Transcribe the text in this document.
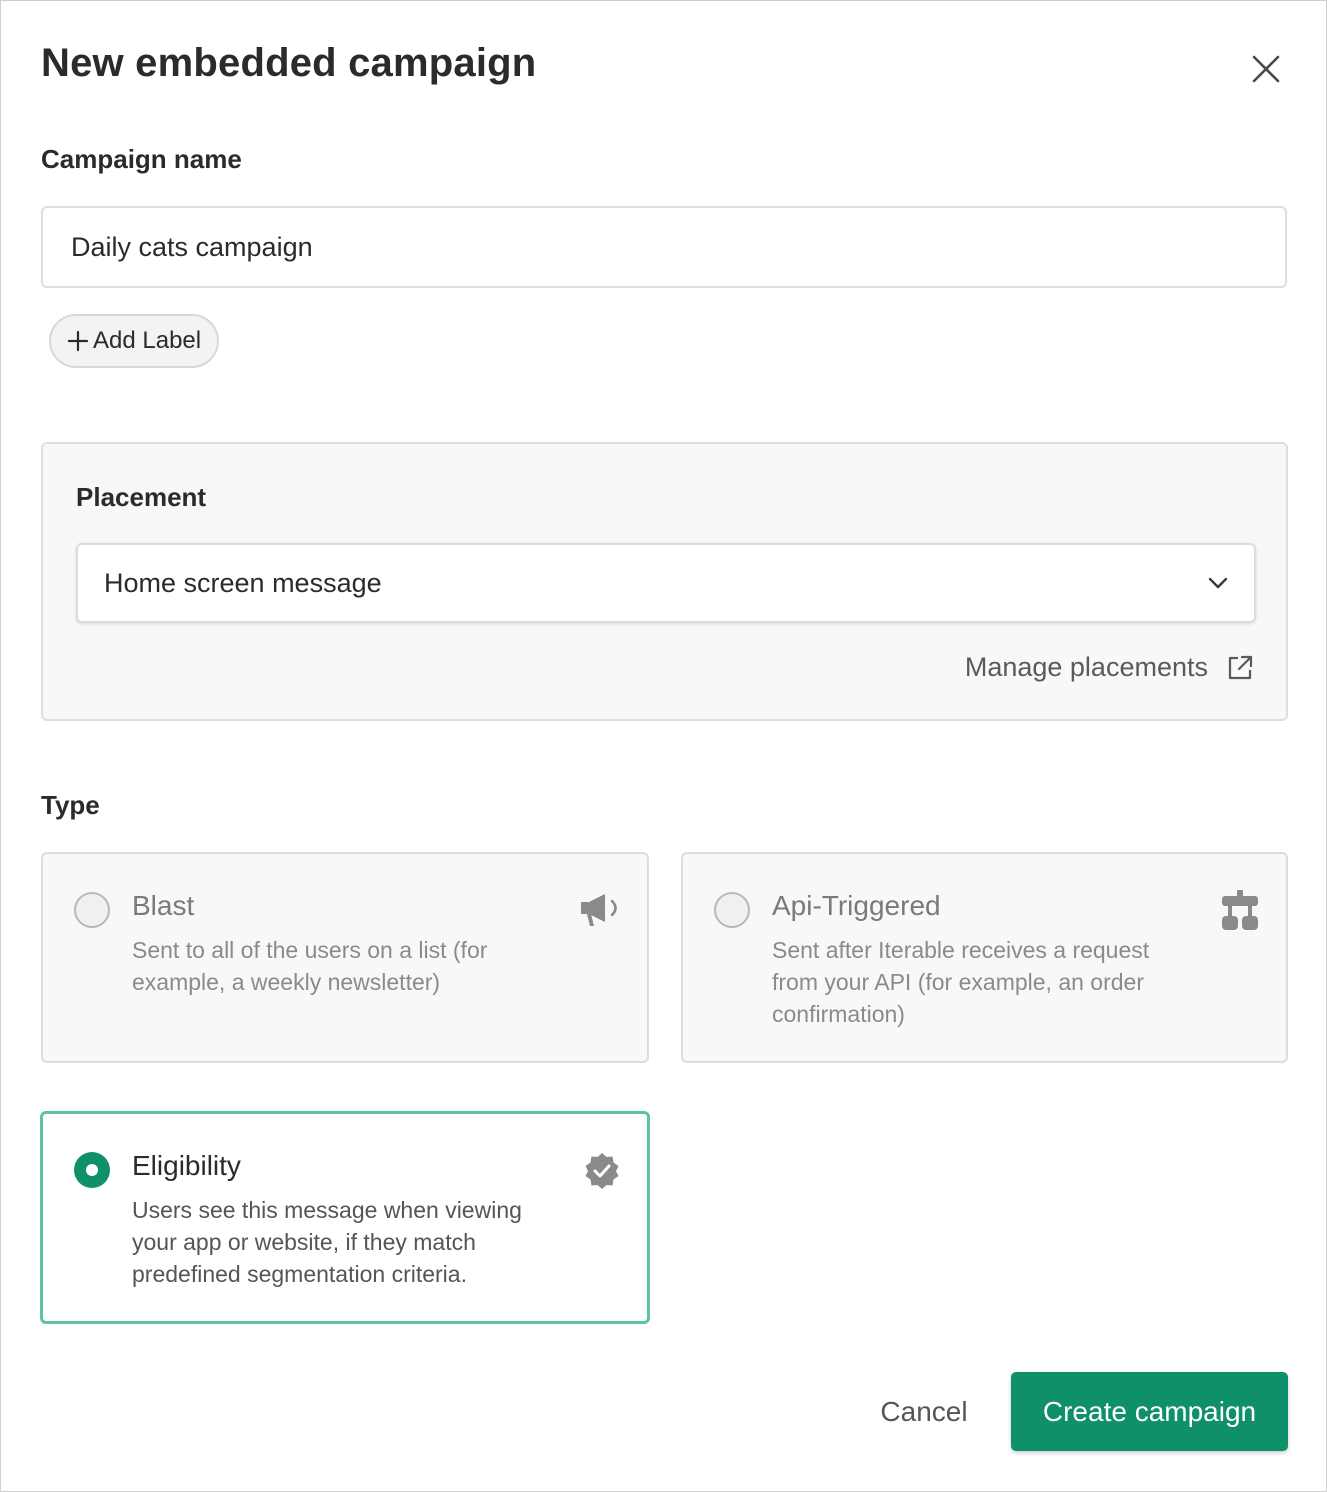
New embedded campaign
Campaign name
Daily cats campaign
Add Label
Placement
Home screen message
Manage placements
Type
Blast
Sent to all of the users on a list (for
example, a weekly newsletter)
Api-Triggered
Sent after Iterable receives a request
from your API (for example, an order
confirmation)
Eligibility
Users see this message when viewing
your app or website, if they match
predefined segmentation criteria.
Cancel	Create campaign
